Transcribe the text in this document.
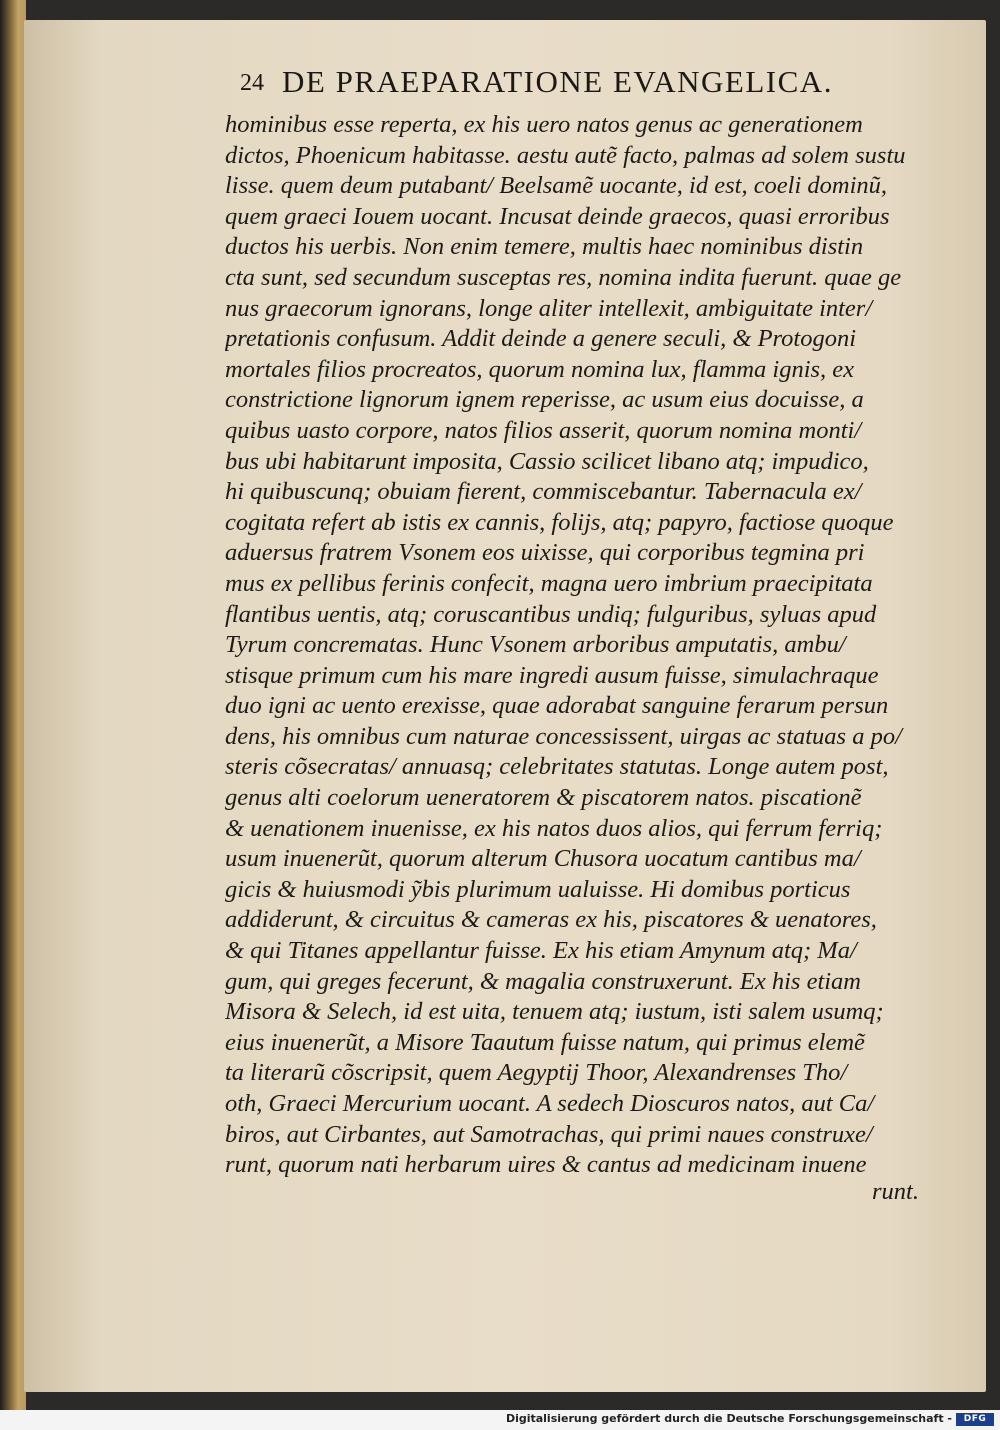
24 DE PRAEPARATIONE EVANGELICA.
hominibus esse reperta, ex his uero natos genus ac generationem
dictos, Phoenicum habitasse. aestu autẽ facto, palmas ad solem sustu
lisse. quem deum putabant/ Beelsamẽ uocante, id est, coeli dominũ,
quem graeci Iouem uocant. Incusat deinde graecos, quasi erroribus
ductos his uerbis. Non enim temere, multis haec nominibus distin
cta sunt, sed secundum susceptas res, nomina indita fuerunt. quae ge
nus graecorum ignorans, longe aliter intellexit, ambiguitate inter/
pretationis confusum. Addit deinde a genere seculi, & Protogoni
mortales filios procreatos, quorum nomina lux, flamma ignis, ex
constrictione lignorum ignem reperisse, ac usum eius docuisse, a
quibus uasto corpore, natos filios asserit, quorum nomina monti/
bus ubi habitarunt imposita, Cassio scilicet libano atq; impudico,
hi quibuscunq; obuiam fierent, commiscebantur. Tabernacula ex/
cogitata refert ab istis ex cannis, folijs, atq; papyro, factiose quoque
aduersus fratrem Vsonem eos uixisse, qui corporibus tegmina pri
mus ex pellibus ferinis confecit, magna uero imbrium praecipitata
flantibus uentis, atq; coruscantibus undiq; fulguribus, syluas apud
Tyrum concrematas. Hunc Vsonem arboribus amputatis, ambu/
stisque primum cum his mare ingredi ausum fuisse, simulachraque
duo igni ac uento erexisse, quae adorabat sanguine ferarum persun
dens, his omnibus cum naturae concessissent, uirgas ac statuas a po/
steris cõsecratas/ annuasq; celebritates statutas. Longe autem post,
genus alti coelorum ueneratorem & piscatorem natos. piscationẽ
& uenationem inuenisse, ex his natos duos alios, qui ferrum ferriq;
usum inuenerũt, quorum alterum Chusora uocatum cantibus ma/
gicis & huiusmodi ỹbis plurimum ualuisse. Hi domibus porticus
addiderunt, & circuitus & cameras ex his, piscatores & uenatores,
& qui Titanes appellantur fuisse. Ex his etiam Amynum atq; Ma/
gum, qui greges fecerunt, & magalia construxerunt. Ex his etiam
Misora & Selech, id est uita, tenuem atq; iustum, isti salem usumq;
eius inuenerũt, a Misore Taautum fuisse natum, qui primus elemẽ
ta literarũ cõscripsit, quem Aegyptij Thoor, Alexandrenses Tho/
oth, Graeci Mercurium uocant. A sedech Dioscuros natos, aut Ca/
biros, aut Cirbantes, aut Samotrachas, qui primi naues construxe/
runt, quorum nati herbarum uires & cantus ad medicinam inuene
runt.
Digitalisierung gefördert durch die Deutsche Forschungsgemeinschaft -	DFG
